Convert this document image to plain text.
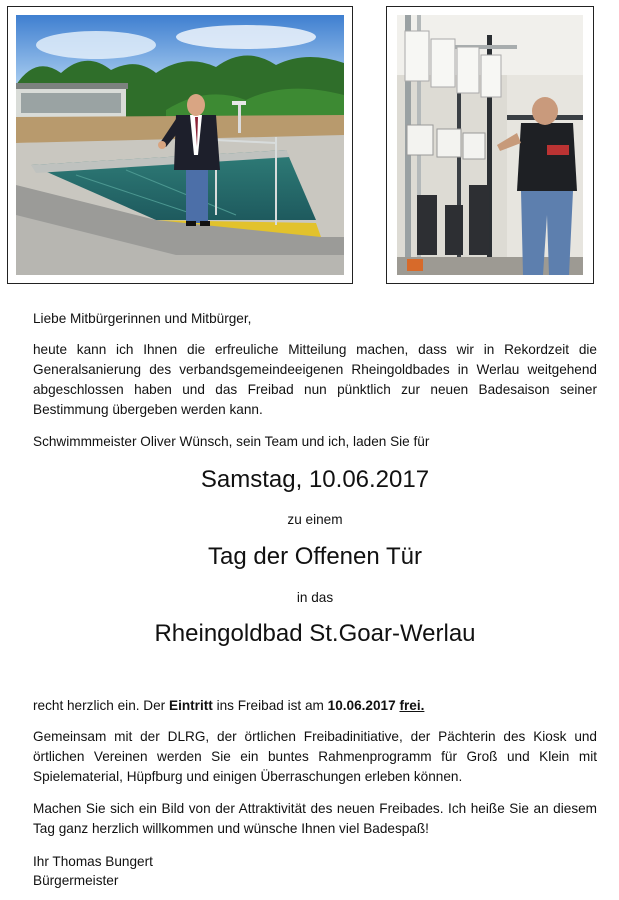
Liebe Mitbürgerinnen und Mitbürger,
heute kann ich Ihnen die erfreuliche Mitteilung machen, dass wir in Rekordzeit die Generalsanierung des verbandsgemeindeeigenen Rheingoldbades in Werlau weitgehend abgeschlossen haben und das Freibad nun pünktlich zur neuen Badesaison seiner Bestimmung übergeben werden kann.
Schwimmmeister Oliver Wünsch, sein Team und ich, laden Sie für
Samstag, 10.06.2017
zu einem
Tag der Offenen Tür
in das
Rheingoldbad St.Goar-Werlau
recht herzlich ein. Der Eintritt ins Freibad ist am 10.06.2017 frei.
Gemeinsam mit der DLRG, der örtlichen Freibadinitiative, der Pächterin des Kiosk und örtlichen Vereinen werden Sie ein buntes Rahmenprogramm für Groß und Klein mit Spielematerial, Hüpfburg und einigen Überraschungen erleben können.
Machen Sie sich ein Bild von der Attraktivität des neuen Freibades. Ich heiße Sie an diesem Tag ganz herzlich willkommen und wünsche Ihnen viel Badespaß!
Ihr Thomas Bungert
Bürgermeister
